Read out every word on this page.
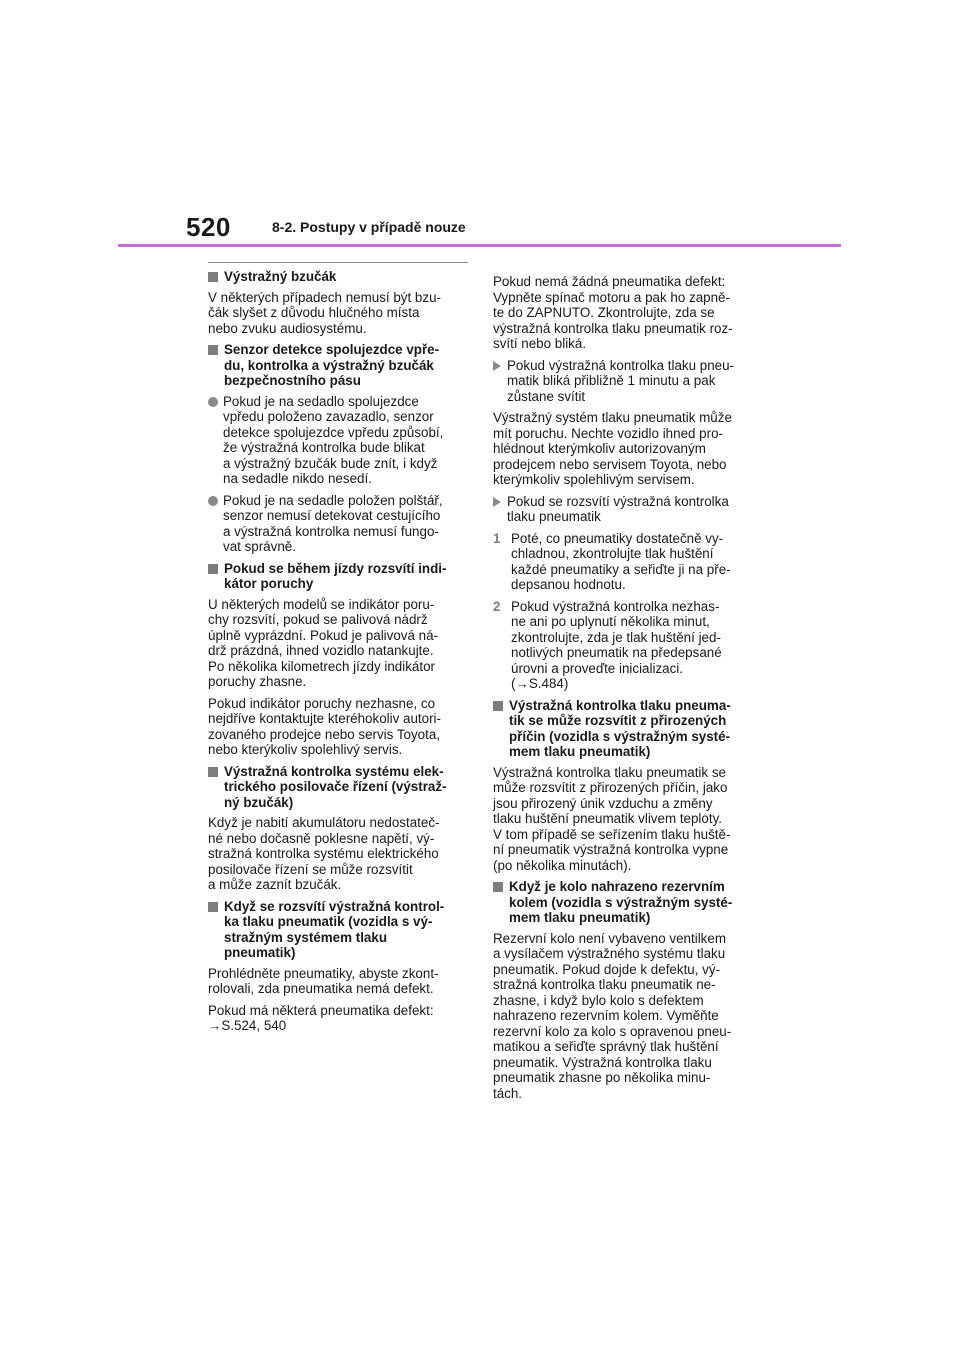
520	8-2. Postupy v případě nouze
Výstražný bzučák
V některých případech nemusí být bzu-
čák slyšet z důvodu hlučného místa
nebo zvuku audiosystému.
Senzor detekce spolujezdce vpře-
du, kontrolka a výstražný bzučák
bezpečnostního pásu
Pokud je na sedadlo spolujezdce
vpředu položeno zavazadlo, senzor
detekce spolujezdce vpředu způsobí,
že výstražná kontrolka bude blikat
a výstražný bzučák bude znít, i když
na sedadle nikdo nesedí.
Pokud je na sedadle položen polštář,
senzor nemusí detekovat cestujícího
a výstražná kontrolka nemusí fungo-
vat správně.
Pokud se během jízdy rozsvítí indi-
kátor poruchy
U některých modelů se indikátor poru-
chy rozsvítí, pokud se palivová nádrž
úplně vyprázdní. Pokud je palivová ná-
drž prázdná, ihned vozidlo natankujte.
Po několika kilometrech jízdy indikátor
poruchy zhasne.
Pokud indikátor poruchy nezhasne, co
nejdříve kontaktujte kteréhokoliv autori-
zovaného prodejce nebo servis Toyota,
nebo kterýkoliv spolehlivý servis.
Výstražná kontrolka systému elek-
trického posilovače řízení (výstraž-
ný bzučák)
Když je nabití akumulátoru nedostateč-
né nebo dočasně poklesne napětí, vý-
stražná kontrolka systému elektrického
posilovače řízení se může rozsvítit
a může zaznít bzučák.
Když se rozsvítí výstražná kontrol-
ka tlaku pneumatik (vozidla s vý-
stražným systémem tlaku
pneumatik)
Prohlédněte pneumatiky, abyste zkont-
rolovali, zda pneumatika nemá defekt.
Pokud má některá pneumatika defekt:
→S.524, 540
Pokud nemá žádná pneumatika defekt:
Vypněte spínač motoru a pak ho zapně-
te do ZAPNUTO. Zkontrolujte, zda se
výstražná kontrolka tlaku pneumatik roz-
svítí nebo bliká.
Pokud výstražná kontrolka tlaku pneu-
matik bliká přibližně 1 minutu a pak
zůstane svítit
Výstražný systém tlaku pneumatik může
mít poruchu. Nechte vozidlo ihned pro-
hlédnout kterýmkoliv autorizovaným
prodejcem nebo servisem Toyota, nebo
kterýmkoliv spolehlivým servisem.
Pokud se rozsvítí výstražná kontrolka
tlaku pneumatik
1 Poté, co pneumatiky dostatečně vy-
chladnou, zkontrolujte tlak huštění
každé pneumatiky a seřiďte ji na pře-
depsanou hodnotu.
2 Pokud výstražná kontrolka nezhas-
ne ani po uplynutí několika minut,
zkontrolujte, zda je tlak huštění jed-
notlivých pneumatik na předepsané
úrovni a proveďte inicializaci.
(→S.484)
Výstražná kontrolka tlaku pneuma-
tik se může rozsvítit z přirozených
příčin (vozidla s výstražným systé-
mem tlaku pneumatik)
Výstražná kontrolka tlaku pneumatik se
může rozsvítit z přirozených příčin, jako
jsou přirozený únik vzduchu a změny
tlaku huštění pneumatik vlivem teploty.
V tom případě se seřízením tlaku huště-
ní pneumatik výstražná kontrolka vypne
(po několika minutách).
Když je kolo nahrazeno rezervním
kolem (vozidla s výstražným systé-
mem tlaku pneumatik)
Rezervní kolo není vybaveno ventilkem
a vysílačem výstražného systému tlaku
pneumatik. Pokud dojde k defektu, vý-
stražná kontrolka tlaku pneumatik ne-
zhasne, i když bylo kolo s defektem
nahrazeno rezervním kolem. Vyměňte
rezervní kolo za kolo s opravenou pneu-
matikou a seřiďte správný tlak huštění
pneumatik. Výstražná kontrolka tlaku
pneumatik zhasne po několika minu-
tách.
